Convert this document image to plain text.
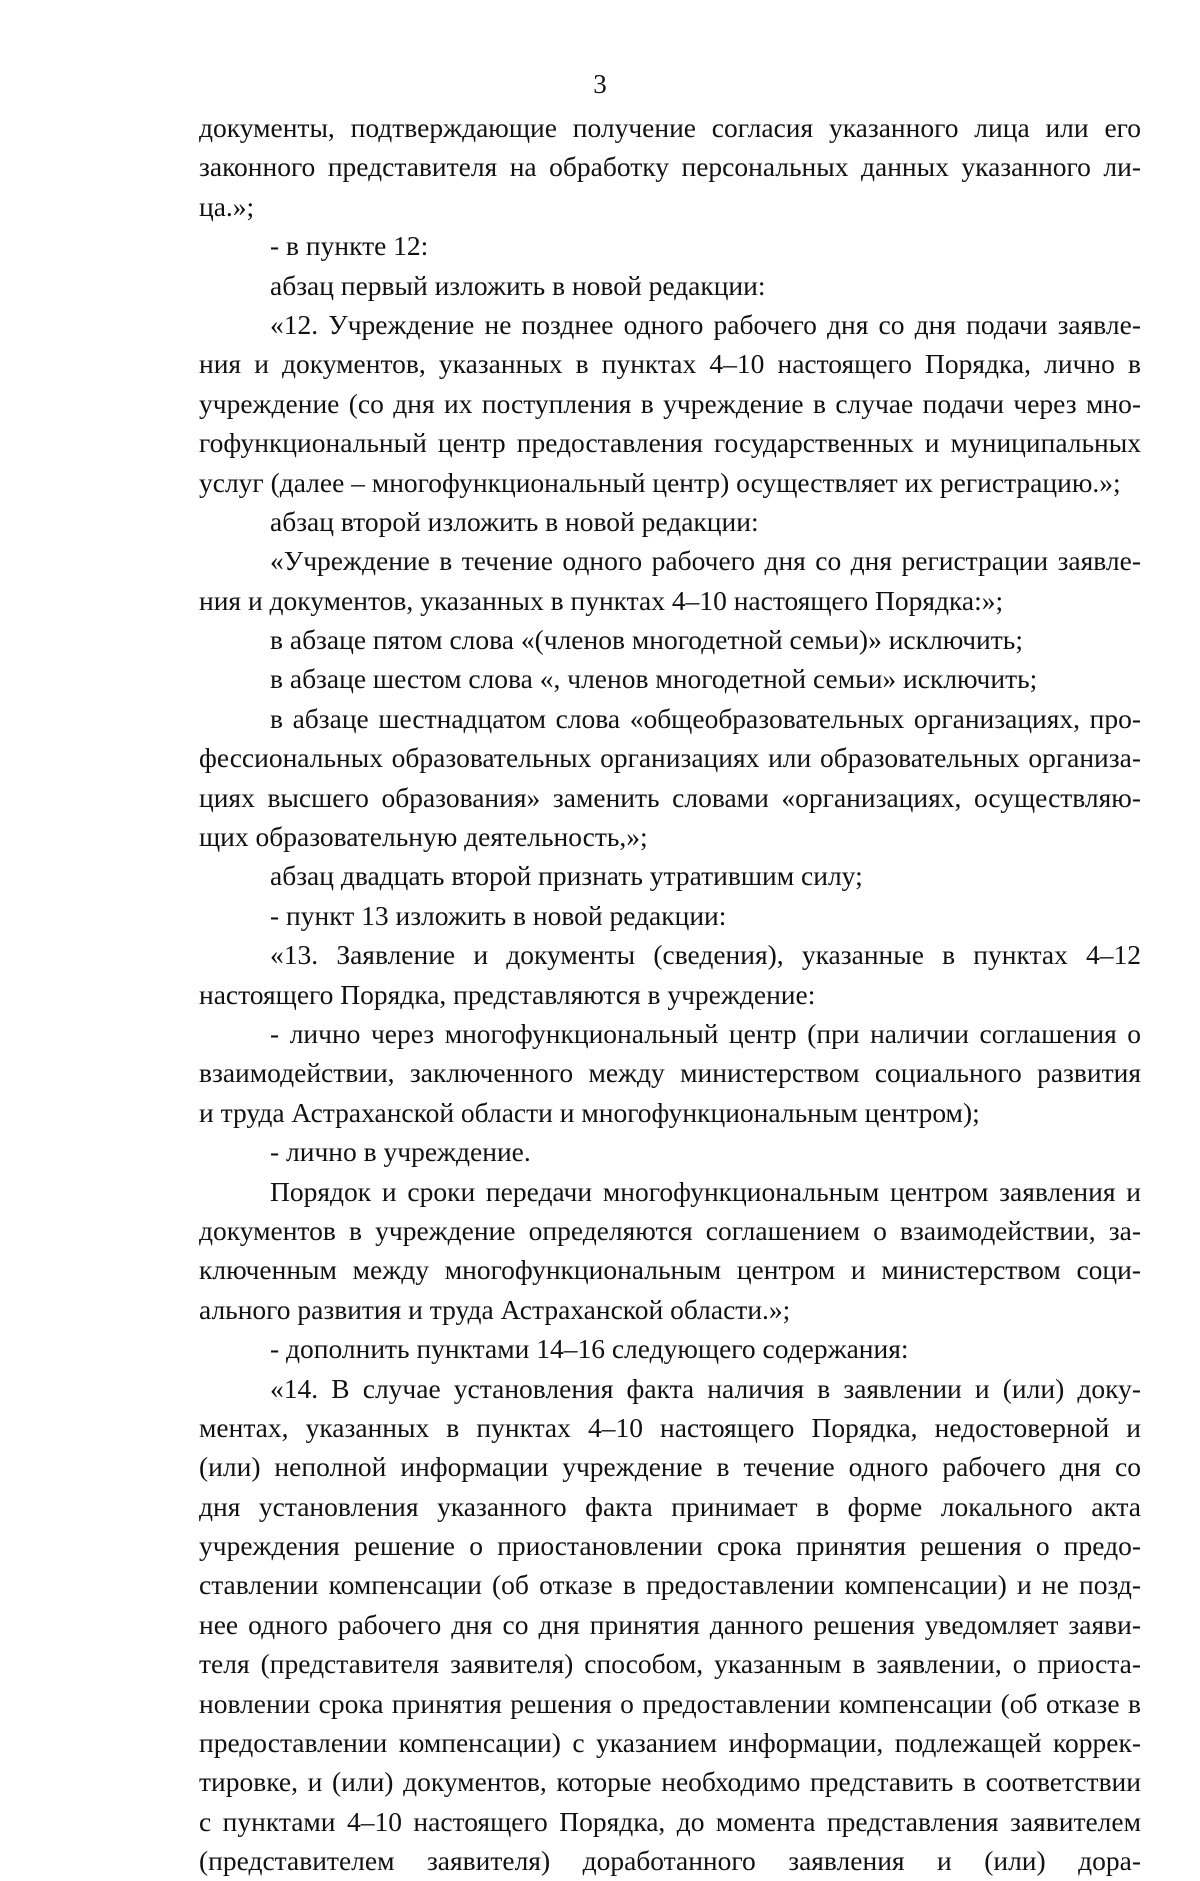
3
документы, подтверждающие получение согласия указанного лица или его
законного представителя на обработку персональных данных указанного ли-
ца.»;
- в пункте 12:
абзац первый изложить в новой редакции:
«12. Учреждение не позднее одного рабочего дня со дня подачи заявле-
ния и документов, указанных в пунктах 4–10 настоящего Порядка, лично в
учреждение (со дня их поступления в учреждение в случае подачи через мно-
гофункциональный центр предоставления государственных и муниципальных
услуг (далее – многофункциональный центр) осуществляет их регистрацию.»;
абзац второй изложить в новой редакции:
«Учреждение в течение одного рабочего дня со дня регистрации заявле-
ния и документов, указанных в пунктах 4–10 настоящего Порядка:»;
в абзаце пятом слова «(членов многодетной семьи)» исключить;
в абзаце шестом слова «, членов многодетной семьи» исключить;
в абзаце шестнадцатом слова «общеобразовательных организациях, про-
фессиональных образовательных организациях или образовательных организа-
циях высшего образования» заменить словами «организациях, осуществляю-
щих образовательную деятельность,»;
абзац двадцать второй признать утратившим силу;
- пункт 13 изложить в новой редакции:
«13. Заявление и документы (сведения), указанные в пунктах 4–12
настоящего Порядка, представляются в учреждение:
- лично через многофункциональный центр (при наличии соглашения о
взаимодействии, заключенного между министерством социального развития
и труда Астраханской области и многофункциональным центром);
- лично в учреждение.
Порядок и сроки передачи многофункциональным центром заявления и
документов в учреждение определяются соглашением о взаимодействии, за-
ключенным между многофункциональным центром и министерством соци-
ального развития и труда Астраханской области.»;
- дополнить пунктами 14–16 следующего содержания:
«14. В случае установления факта наличия в заявлении и (или) доку-
ментах, указанных в пунктах 4–10 настоящего Порядка, недостоверной и
(или) неполной информации учреждение в течение одного рабочего дня со
дня установления указанного факта принимает в форме локального акта
учреждения решение о приостановлении срока принятия решения о предо-
ставлении компенсации (об отказе в предоставлении компенсации) и не позд-
нее одного рабочего дня со дня принятия данного решения уведомляет заяви-
теля (представителя заявителя) способом, указанным в заявлении, о приоста-
новлении срока принятия решения о предоставлении компенсации (об отказе в
предоставлении компенсации) с указанием информации, подлежащей коррек-
тировке, и (или) документов, которые необходимо представить в соответствии
с пунктами 4–10 настоящего Порядка, до момента представления заявителем
(представителем заявителя) доработанного заявления и (или) дора-
